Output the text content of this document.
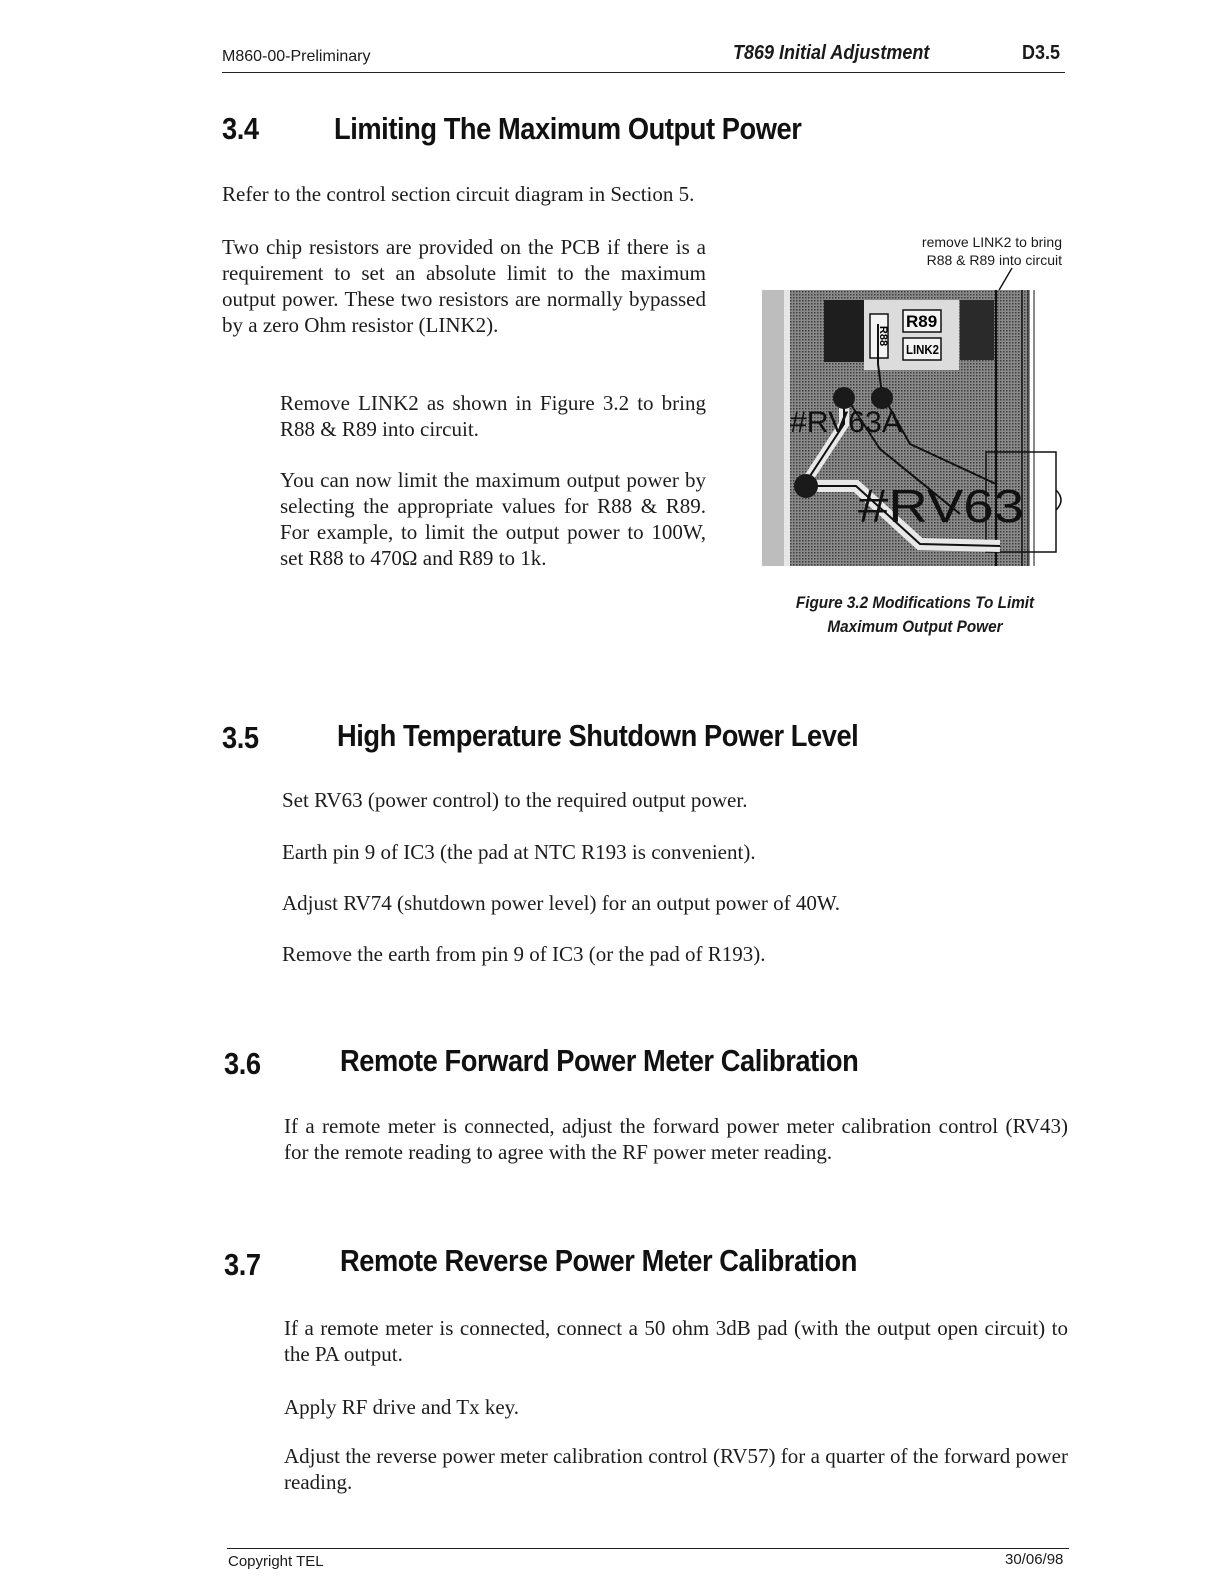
M860-00-Preliminary	T869 Initial Adjustment	D3.5
3.4 Limiting The Maximum Output Power
Refer to the control section circuit diagram in Section 5.
Two chip resistors are provided on the PCB if there is a requirement to set an absolute limit to the maximum output power. These two resistors are normally bypassed by a zero Ohm resistor (LINK2).
Remove LINK2 as shown in Figure 3.2 to bring R88 & R89 into circuit.
You can now limit the maximum output power by selecting the appropriate values for R88 & R89. For example, to limit the output power to 100W, set R88 to 470Ω and R89 to 1k.
remove LINK2 to bring
R88 & R89 into circuit
R88
R89
LINK2
#RV63A
#RV63
Figure 3.2 Modifications To Limit
Maximum Output Power
3.5	High Temperature Shutdown Power Level
Set RV63 (power control) to the required output power.
Earth pin 9 of IC3 (the pad at NTC R193 is convenient).
Adjust RV74 (shutdown power level) for an output power of 40W.
Remove the earth from pin 9 of IC3 (or the pad of R193).
3.6	Remote Forward Power Meter Calibration
If a remote meter is connected, adjust the forward power meter calibration control (RV43) for the remote reading to agree with the RF power meter reading.
3.7	Remote Reverse Power Meter Calibration
If a remote meter is connected, connect a 50 ohm 3dB pad (with the output open circuit) to the PA output.
Apply RF drive and Tx key.
Adjust the reverse power meter calibration control (RV57) for a quarter of the forward power reading.
Copyright TEL	30/06/98
